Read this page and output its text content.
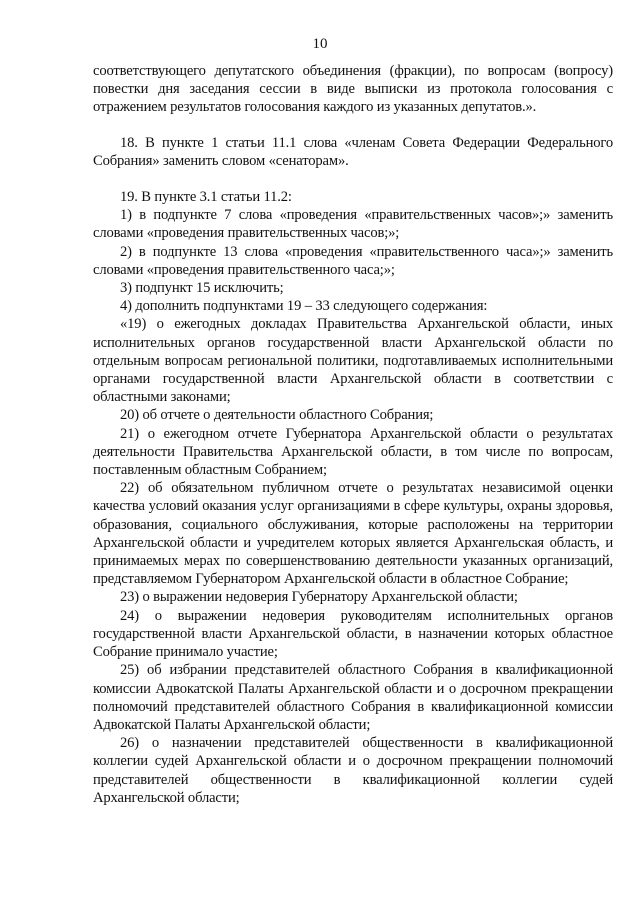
10

соответствующего депутатского объединения (фракции), по вопросам (вопросу) повестки дня заседания сессии в виде выписки из протокола голосования с отражением результатов голосования каждого из указанных депутатов.».

18. В пункте 1 статьи 11.1 слова «членам Совета Федерации Федерального Собрания» заменить словом «сенаторам».

19. В пункте 3.1 статьи 11.2:

1) в подпункте 7 слова «проведения «правительственных часов»;» заменить словами «проведения правительственных часов;»;

2) в подпункте 13 слова «проведения «правительственного часа»;» заменить словами «проведения правительственного часа;»;

3) подпункт 15 исключить;

4) дополнить подпунктами 19 – 33 следующего содержания:

«19) о ежегодных докладах Правительства Архангельской области, иных исполнительных органов государственной власти Архангельской области по отдельным вопросам региональной политики, подготавливаемых исполнительными органами государственной власти Архангельской области в соответствии с областными законами;

20) об отчете о деятельности областного Собрания;

21) о ежегодном отчете Губернатора Архангельской области о результатах деятельности Правительства Архангельской области, в том числе по вопросам, поставленным областным Собранием;

22) об обязательном публичном отчете о результатах независимой оценки качества условий оказания услуг организациями в сфере культуры, охраны здоровья, образования, социального обслуживания, которые расположены на территории Архангельской области и учредителем которых является Архангельская область, и принимаемых мерах по совершенствованию деятельности указанных организаций, представляемом Губернатором Архангельской области в областное Собрание;

23) о выражении недоверия Губернатору Архангельской области;

24) о выражении недоверия руководителям исполнительных органов государственной власти Архангельской области, в назначении которых областное Собрание принимало участие;

25) об избрании представителей областного Собрания в квалификационной комиссии Адвокатской Палаты Архангельской области и о досрочном прекращении полномочий представителей областного Собрания в квалификационной комиссии Адвокатской Палаты Архангельской области;

26) о назначении представителей общественности в квалификационной коллегии судей Архангельской области и о досрочном прекращении полномочий представителей общественности в квалификационной коллегии судей Архангельской области;
